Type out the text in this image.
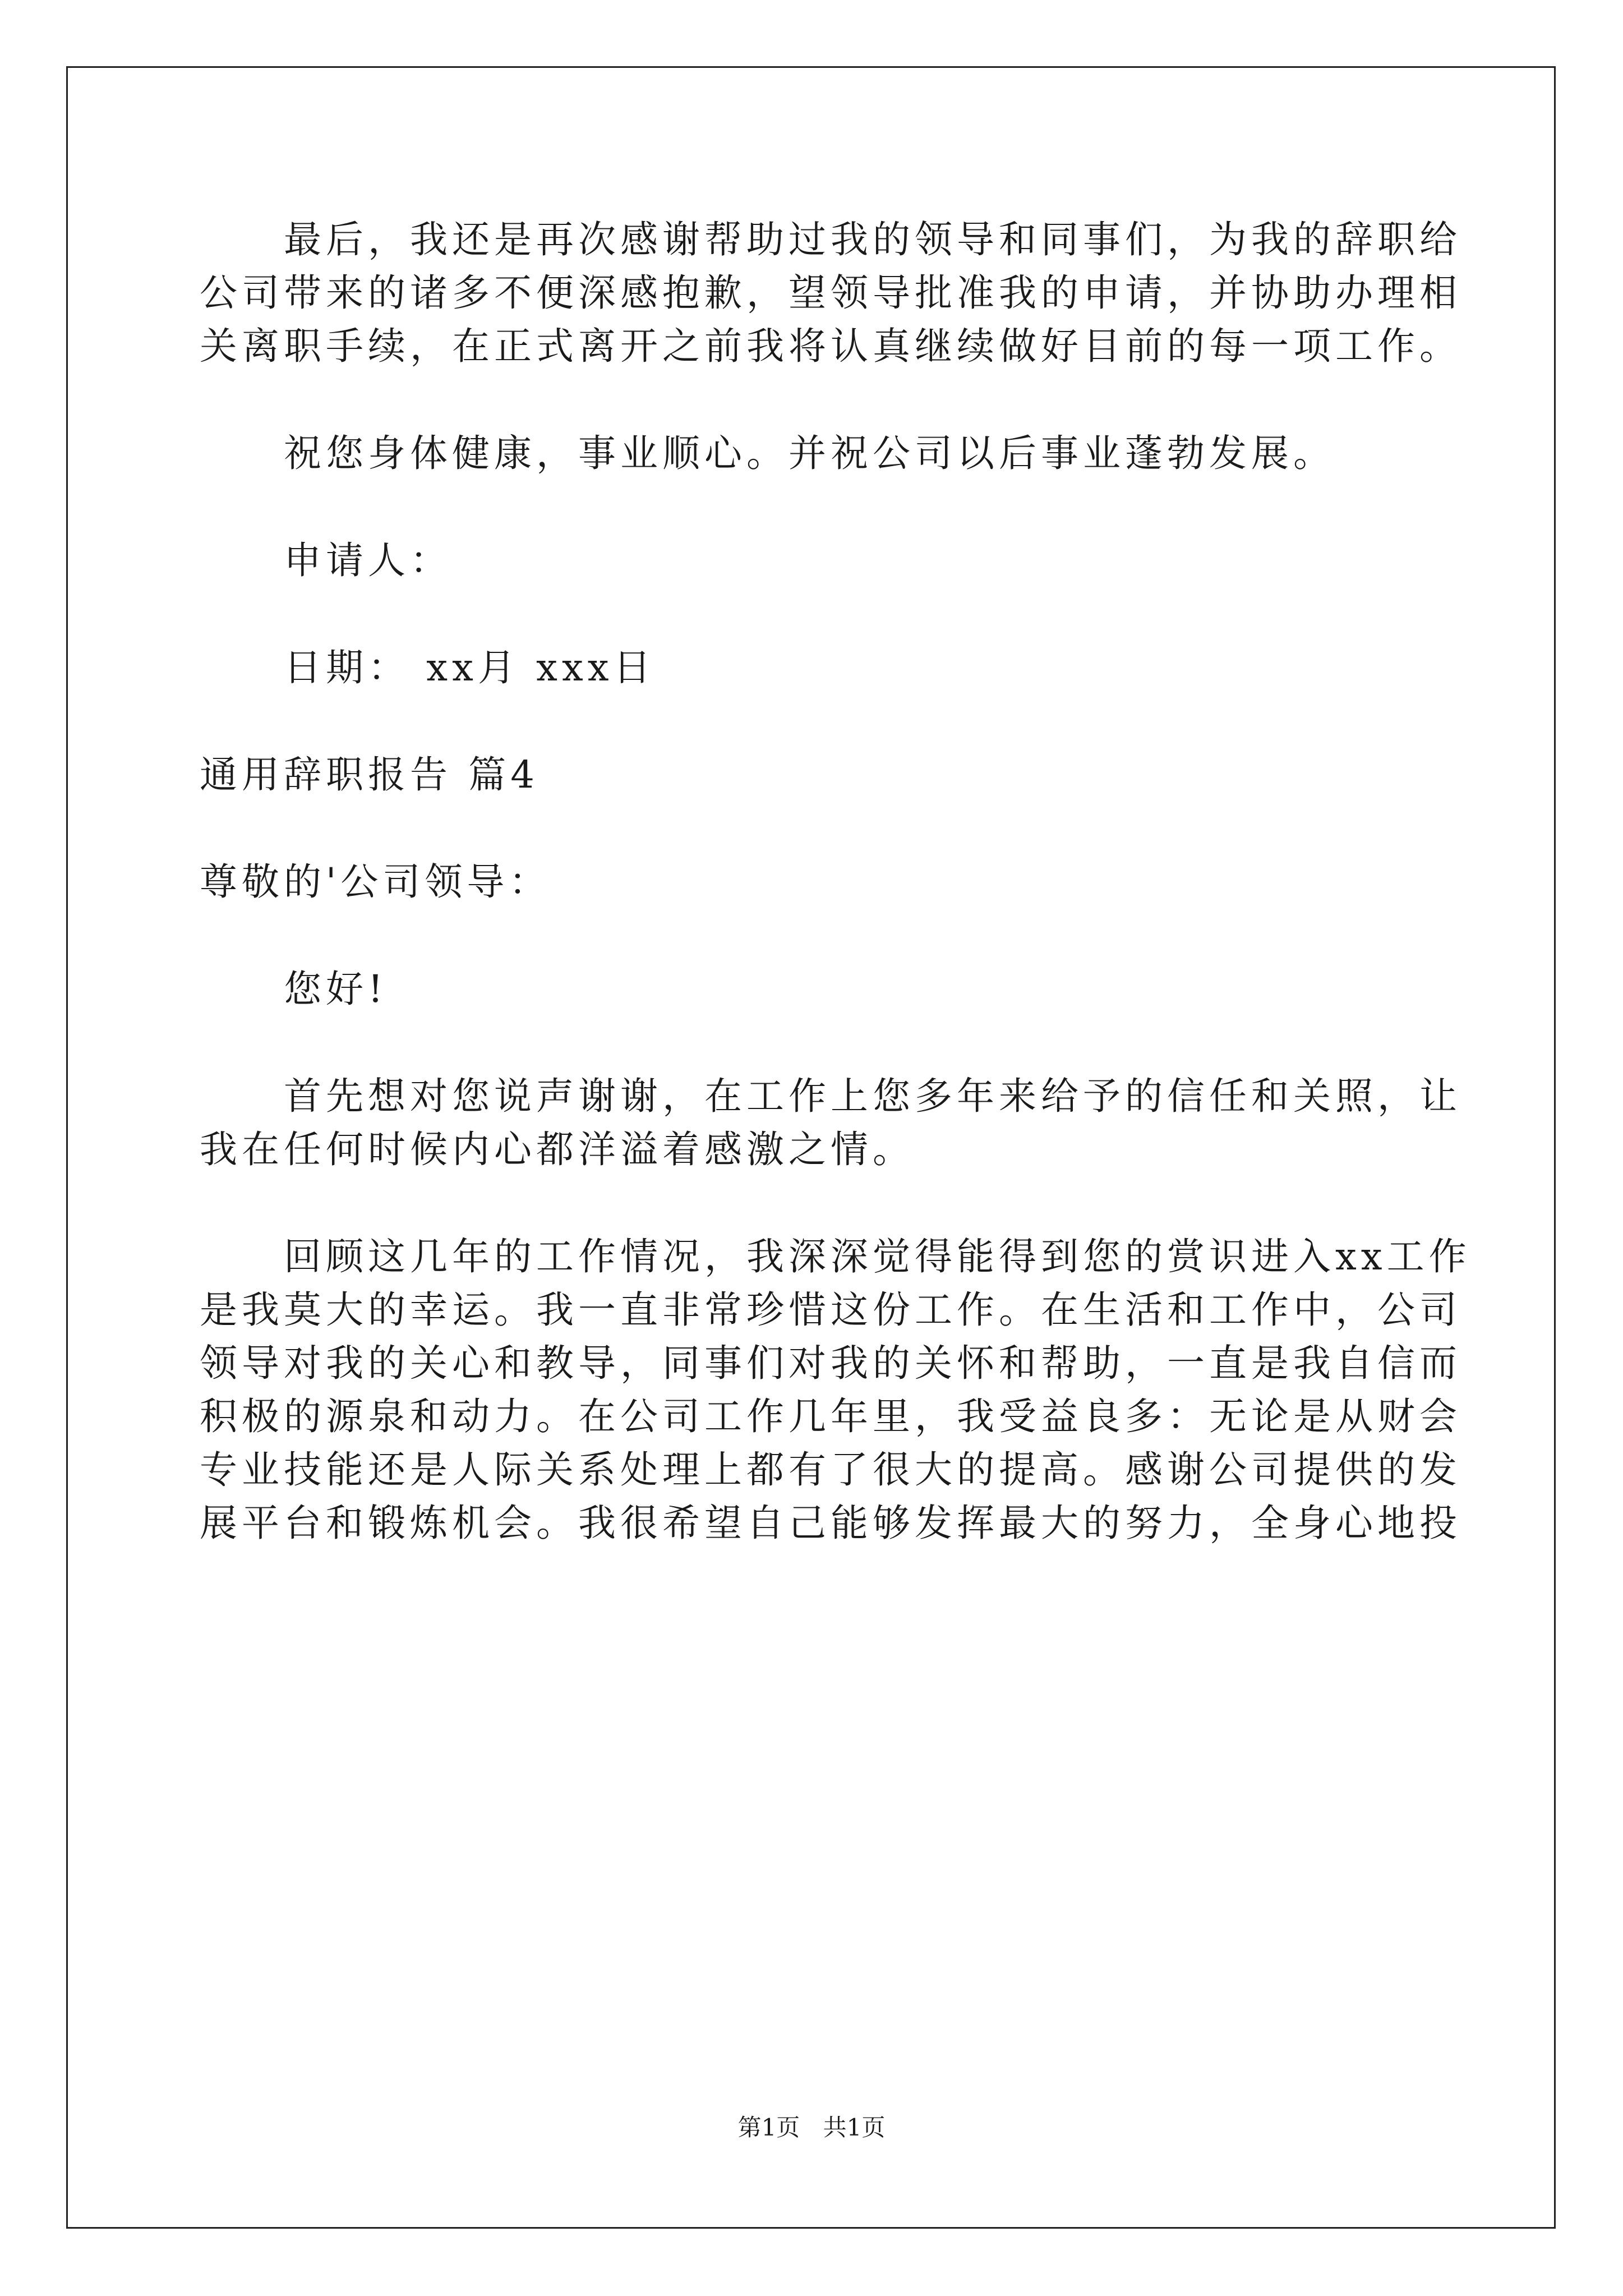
最后，我还是再次感谢帮助过我的领导和同事们，为我的辞职给
公司带来的诸多不便深感抱歉，望领导批准我的申请，并协助办理相
关离职手续，在正式离开之前我将认真继续做好目前的每一项工作。
祝您身体健康，事业顺心。并祝公司以后事业蓬勃发展。
申请人：
日期： xx月 xxx日
通用辞职报告 篇4
尊敬的'公司领导：
您好!
首先想对您说声谢谢，在工作上您多年来给予的信任和关照，让
我在任何时候内心都洋溢着感激之情。
回顾这几年的工作情况，我深深觉得能得到您的赏识进入xx工作
是我莫大的幸运。我一直非常珍惜这份工作。在生活和工作中，公司
领导对我的关心和教导，同事们对我的关怀和帮助，一直是我自信而
积极的源泉和动力。在公司工作几年里，我受益良多：无论是从财会
专业技能还是人际关系处理上都有了很大的提高。感谢公司提供的发
展平台和锻炼机会。我很希望自己能够发挥最大的努力，全身心地投
第1页 共1页
